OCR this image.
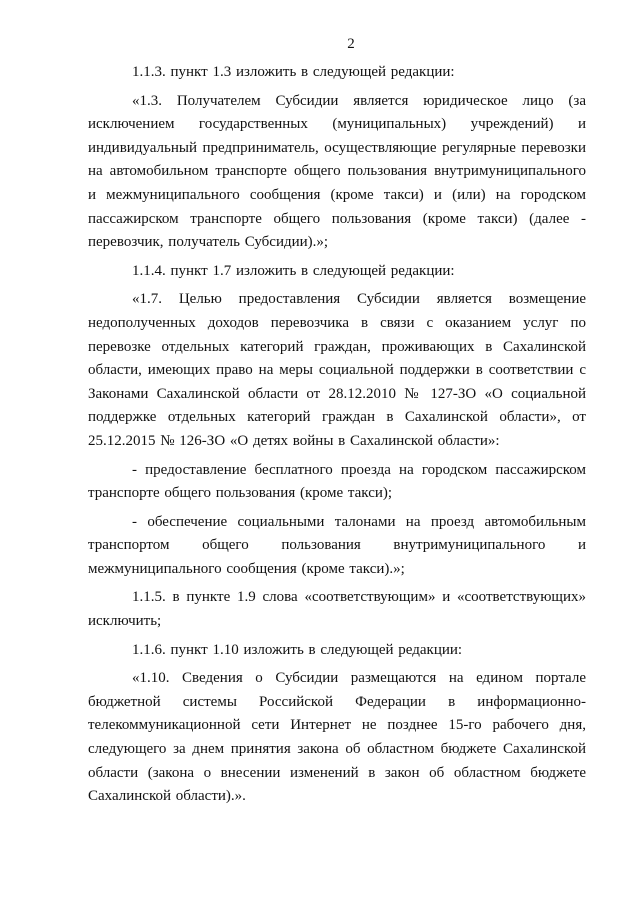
2

1.1.3. пункт 1.3 изложить в следующей редакции:

«1.3. Получателем Субсидии является юридическое лицо (за исключением государственных (муниципальных) учреждений) и индивидуальный предприниматель, осуществляющие регулярные перевозки на автомобильном транспорте общего пользования внутримуниципального и межмуниципального сообщения (кроме такси) и (или) на городском пассажирском транспорте общего пользования (кроме такси) (далее - перевозчик, получатель Субсидии).»;

1.1.4. пункт 1.7 изложить в следующей редакции:

«1.7. Целью предоставления Субсидии является возмещение недополученных доходов перевозчика в связи с оказанием услуг по перевозке отдельных категорий граждан, проживающих в Сахалинской области, имеющих право на меры социальной поддержки в соответствии с Законами Сахалинской области от 28.12.2010 № 127-ЗО «О социальной поддержке отдельных категорий граждан в Сахалинской области», от 25.12.2015 № 126-ЗО «О детях войны в Сахалинской области»:

- предоставление бесплатного проезда на городском пассажирском транспорте общего пользования (кроме такси);

- обеспечение социальными талонами на проезд автомобильным транспортом общего пользования внутримуниципального и межмуниципального сообщения (кроме такси).»;

1.1.5. в пункте 1.9 слова «соответствующим» и «соответствующих» исключить;

1.1.6. пункт 1.10 изложить в следующей редакции:

«1.10. Сведения о Субсидии размещаются на едином портале бюджетной системы Российской Федерации в информационно-телекоммуникационной сети Интернет не позднее 15-го рабочего дня, следующего за днем принятия закона об областном бюджете Сахалинской области (закона о внесении изменений в закон об областном бюджете Сахалинской области).».
